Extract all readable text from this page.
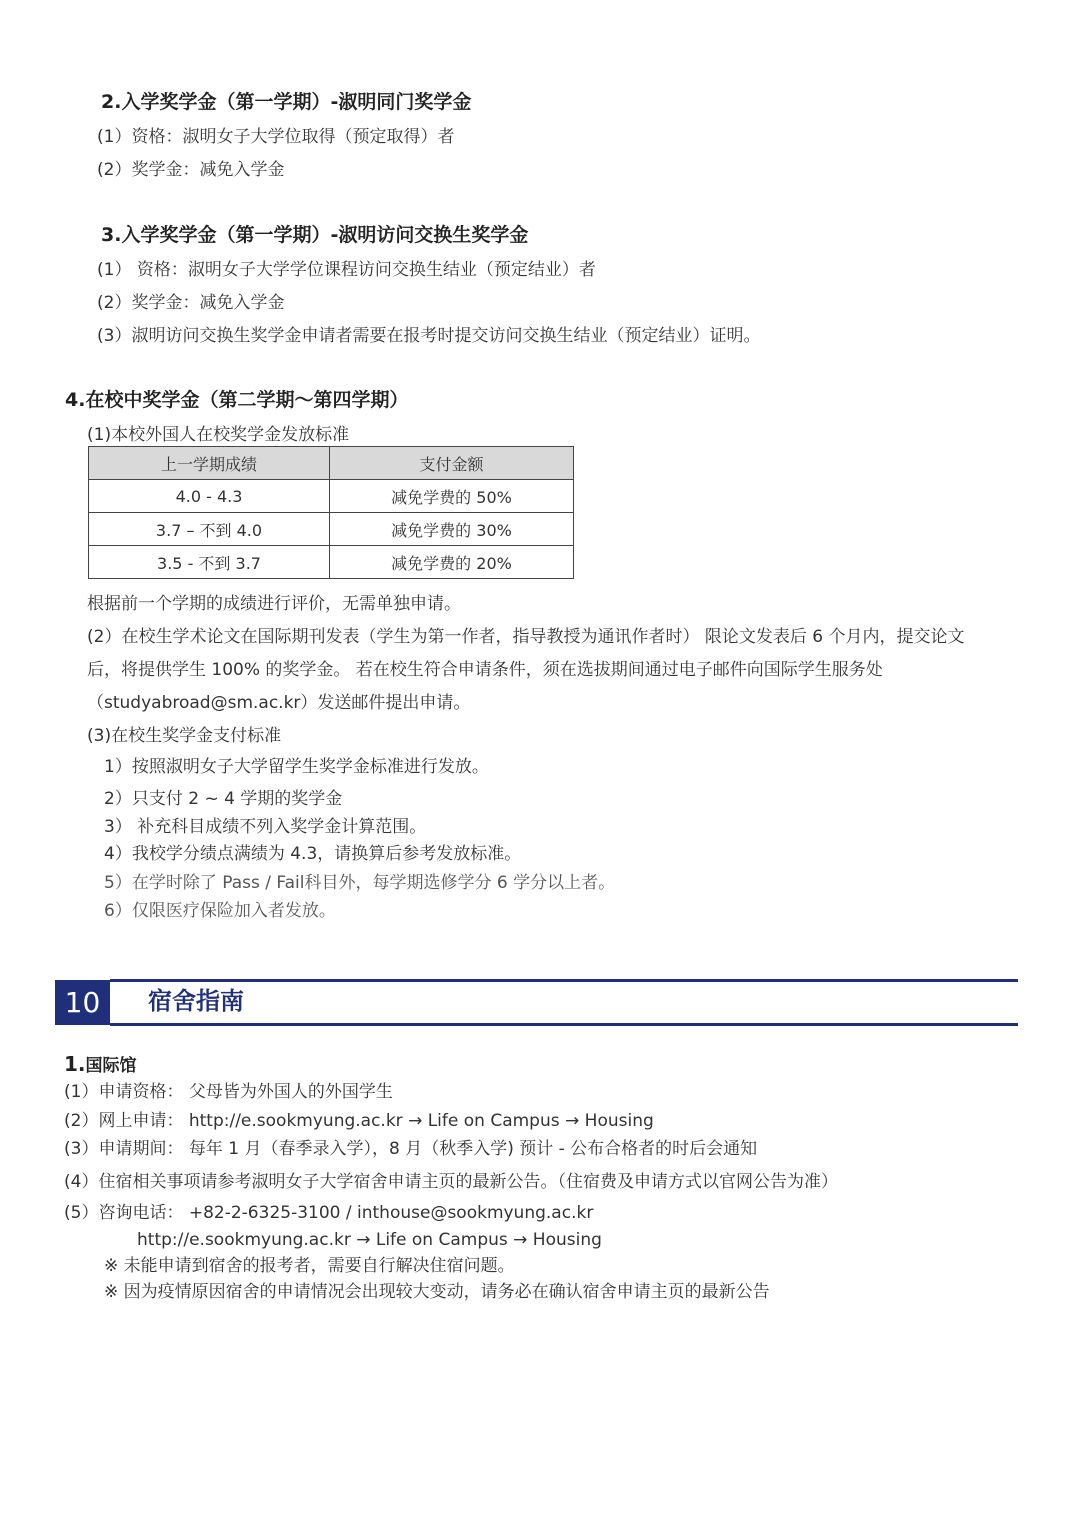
2.入学奖学金（第一学期）-淑明同门奖学金
(1）资格：淑明女子大学位取得（预定取得）者
(2）奖学金：减免入学金
3.入学奖学金（第一学期）-淑明访问交换生奖学金
(1） 资格：淑明女子大学学位课程访问交换生结业（预定结业）者
(2）奖学金：减免入学金
(3）淑明访问交换生奖学金申请者需要在报考时提交访问交换生结业（预定结业）证明。
4.在校中奖学金（第二学期～第四学期）
(1)本校外国人在校奖学金发放标准
上一学期成绩	支付金额
4.0 - 4.3	减免学费的 50%
3.7 – 不到 4.0	减免学费的 30%
3.5 - 不到 3.7	减免学费的 20%
根据前一个学期的成绩进行评价，无需单独申请。
(2）在校生学术论文在国际期刊发表（学生为第一作者，指导教授为通讯作者时） 限论文发表后 6 个月内，提交论文
后，将提供学生 100% 的奖学金。 若在校生符合申请条件，须在选拔期间通过电子邮件向国际学生服务处
（studyabroad@sm.ac.kr）发送邮件提出申请。
(3)在校生奖学金支付标准
1）按照淑明女子大学留学生奖学金标准进行发放。
2）只支付 2 ~ 4 学期的奖学金
3） 补充科目成绩不列入奖学金计算范围。
4）我校学分绩点满绩为 4.3，请换算后参考发放标准。
5）在学时除了 Pass / Fail科目外，每学期选修学分 6 学分以上者。
6）仅限医疗保险加入者发放。
10	宿舍指南
1.国际馆
(1）申请资格： 父母皆为外国人的外国学生
(2）网上申请： http://e.sookmyung.ac.kr → Life on Campus → Housing
(3）申请期间： 每年 1 月（春季录入学），8 月（秋季入学) 预计 - 公布合格者的时后会通知
(4）住宿相关事项请参考淑明女子大学宿舍申请主页的最新公告。（住宿费及申请方式以官网公告为准）
(5）咨询电话： +82-2-6325-3100 / inthouse@sookmyung.ac.kr
http://e.sookmyung.ac.kr → Life on Campus → Housing
※ 未能申请到宿舍的报考者，需要自行解决住宿问题。
※ 因为疫情原因宿舍的申请情况会出现较大变动，请务必在确认宿舍申请主页的最新公告
